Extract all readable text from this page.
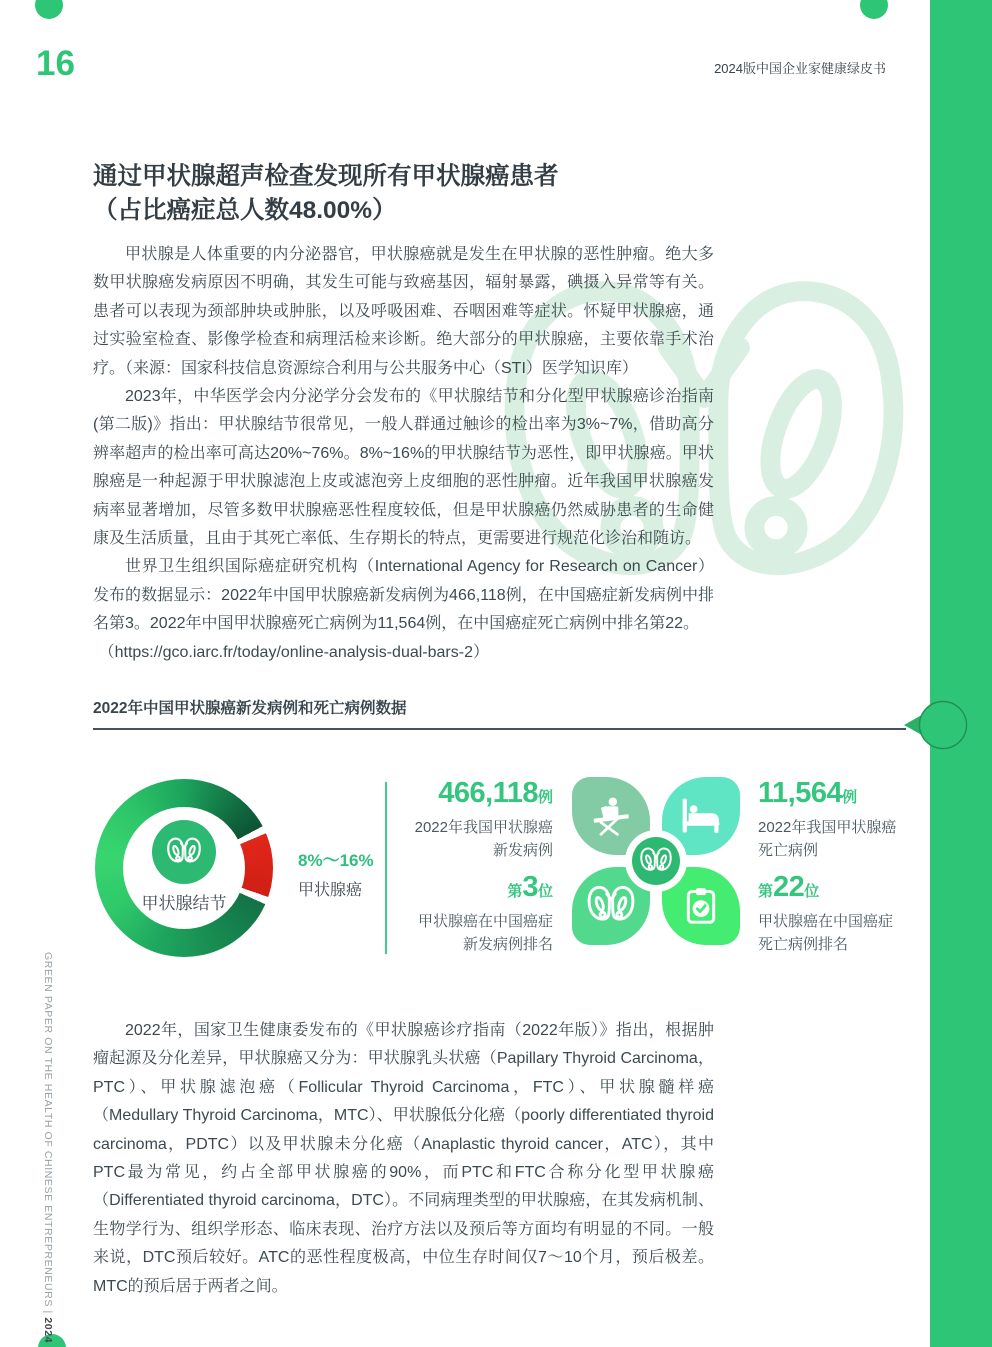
16	2024版中国企业家健康绿皮书
通过甲状腺超声检查发现所有甲状腺癌患者
（占比癌症总人数48.00%）

甲状腺是人体重要的内分泌器官，甲状腺癌就是发生在甲状腺的恶性肿瘤。绝大多数甲状腺癌发病原因不明确，其发生可能与致癌基因，辐射暴露，碘摄入异常等有关。患者可以表现为颈部肿块或肿胀，以及呼吸困难、吞咽困难等症状。怀疑甲状腺癌，通过实验室检查、影像学检查和病理活检来诊断。绝大部分的甲状腺癌，主要依靠手术治疗。（来源：国家科技信息资源综合利用与公共服务中心（STI）医学知识库）

2023年，中华医学会内分泌学分会发布的《甲状腺结节和分化型甲状腺癌诊治指南(第二版)》指出：甲状腺结节很常见，一般人群通过触诊的检出率为3%~7%，借助高分辨率超声的检出率可高达20%~76%。8%~16%的甲状腺结节为恶性，即甲状腺癌。甲状腺癌是一种起源于甲状腺滤泡上皮或滤泡旁上皮细胞的恶性肿瘤。近年我国甲状腺癌发病率显著增加，尽管多数甲状腺癌恶性程度较低，但是甲状腺癌仍然威胁患者的生命健康及生活质量，且由于其死亡率低、生存期长的特点，更需要进行规范化诊治和随访。

世界卫生组织国际癌症研究机构（International Agency for Research on Cancer）发布的数据显示：2022年中国甲状腺癌新发病例为466,118例，在中国癌症新发病例中排名第3。2022年中国甲状腺癌死亡病例为11,564例，在中国癌症死亡病例中排名第22。

（https://gco.iarc.fr/today/online-analysis-dual-bars-2）

2022年中国甲状腺癌新发病例和死亡病例数据
甲状腺结节
8%～16%
甲状腺癌
466,118例
2022年我国甲状腺癌
新发病例
第3位
甲状腺癌在中国癌症
新发病例排名
11,564例
2022年我国甲状腺癌
死亡病例
第22位
甲状腺癌在中国癌症
死亡病例排名

2022年，国家卫生健康委发布的《甲状腺癌诊疗指南（2022年版）》指出，根据肿瘤起源及分化差异，甲状腺癌又分为：甲状腺乳头状癌（Papillary Thyroid Carcinoma，PTC）、甲状腺滤泡癌（Follicular Thyroid Carcinoma，FTC）、甲状腺髓样癌（Medullary Thyroid Carcinoma，MTC）、甲状腺低分化癌（poorly differentiated thyroid carcinoma，PDTC）以及甲状腺未分化癌（Anaplastic thyroid cancer，ATC），其中PTC最为常见，约占全部甲状腺癌的90%，而PTC和FTC合称分化型甲状腺癌（Differentiated thyroid carcinoma，DTC）。不同病理类型的甲状腺癌，在其发病机制、生物学行为、组织学形态、临床表现、治疗方法以及预后等方面均有明显的不同。一般来说，DTC预后较好。ATC的恶性程度极高，中位生存时间仅7～10个月，预后极差。MTC的预后居于两者之间。

GREEN PAPER ON THE HEALTH OF CHINESE ENTREPRENEURS | 2024
